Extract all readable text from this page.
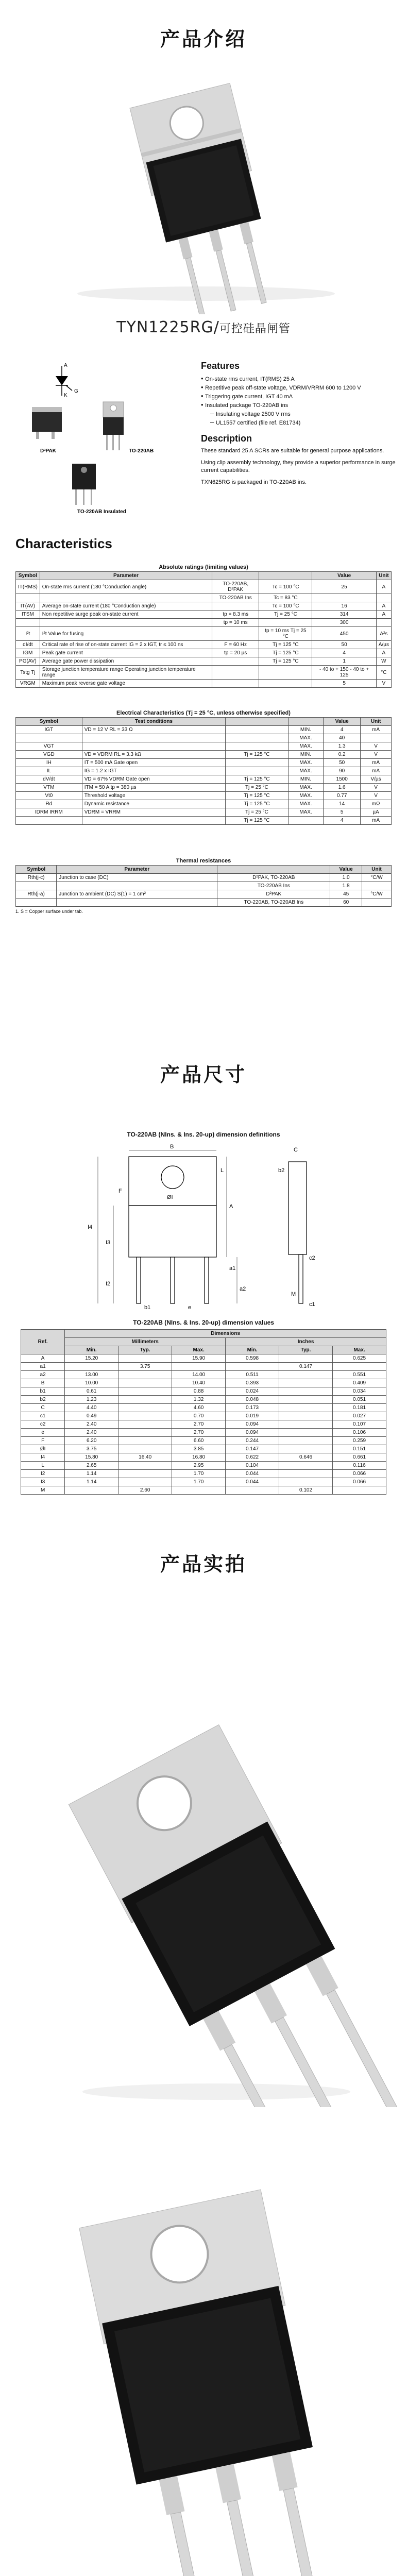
产品介绍
TYN1225RG/可控硅晶闸管
A
G
K
D²PAK	TO-220AB
TO-220AB Insulated
Features
• On-state rms current, IT(RMS) 25 A
• Repetitive peak off-state voltage, VDRM/VRRM 600 to 1200 V
• Triggering gate current, IGT 40 mA
• Insulated package TO-220AB ins
– Insulating voltage 2500 V rms
– UL1557 certified (file ref. E81734)
Description

These standard 25 A SCRs are suitable for general purpose applications.

Using clip assembly technology, they provide a superior performance in surge current capabilities.

TXN625RG is packaged in TO-220AB ins.

Characteristics
Absolute ratings (limiting values)
Symbol	Parameter			Value	Unit
IT(RMS)	On-state rms current (180 °Conduction angle)	TO-220AB, D²PAK	Tc = 100 °C	25	A
		TO-220AB Ins	Tc = 83 °C		
IT(AV)	Average on-state current (180 °Conduction angle)		Tc = 100 °C	16	A
ITSM	Non repetitive surge peak on-state current	tp = 8.3 ms	Tj = 25 °C	314	A
		tp = 10 ms		300	
I²t	I²t Value for fusing		tp = 10 ms Tj = 25 °C	450	A²s
dI/dt	Critical rate of rise of on-state current IG = 2 x IGT, tr ≤ 100 ns	F = 60 Hz	Tj = 125 °C	50	A/µs
IGM	Peak gate current	tp = 20 µs	Tj = 125 °C	4	A
PG(AV)	Average gate power dissipation		Tj = 125 °C	1	W
Tstg Tj	Storage junction temperature range Operating junction temperature range			- 40 to + 150 - 40 to + 125	°C
VRGM	Maximum peak reverse gate voltage			5	V
Electrical Characteristics (Tj = 25 °C, unless otherwise specified)
Symbol	Test conditions			Value	Unit
IGT	VD = 12 V RL = 33 Ω		MIN.	4	mA
			MAX.	40	
VGT			MAX.	1.3	V
VGD	VD = VDRM RL = 3.3 kΩ	Tj = 125 °C	MIN.	0.2	V
IH	IT = 500 mA Gate open		MAX.	50	mA
IL	IG = 1.2 x IGT		MAX.	90	mA
dV/dt	VD = 67% VDRM Gate open	Tj = 125 °C	MIN.	1500	V/µs
VTM	ITM = 50 A tp = 380 µs	Tj = 25 °C	MAX.	1.6	V
Vt0	Threshold voltage	Tj = 125 °C	MAX.	0.77	V
Rd	Dynamic resistance	Tj = 125 °C	MAX.	14	mΩ
IDRM IRRM	VDRM = VRRM	Tj = 25 °C	MAX.	5	µA
		Tj = 125 °C		4	mA
Thermal resistances
Symbol	Parameter		Value	Unit
Rth(j-c)	Junction to case (DC)	D²PAK, TO-220AB	1.0	°C/W
		TO-220AB Ins	1.8	
Rth(j-a)	Junction to ambient (DC) S(1) = 1 cm²	D²PAK	45	°C/W
		TO-220AB, TO-220AB Ins	60	
1. S = Copper surface under tab.
产品尺寸
TO-220AB (NIns. & Ins. 20-up) dimension definitions
B
ØI
L
C
b2
A
I4
I3
a1
I2
a2
b1	e
F
c2
M
c1
TO-220AB (NIns. & Ins. 20-up) dimension values
Ref.	Dimensions					
	Millimeters			Inches		
	Min.	Typ.	Max.	Min.	Typ.	Max.
A	15.20		15.90	0.598		0.625
a1		3.75			0.147	
a2	13.00		14.00	0.511		0.551
B	10.00		10.40	0.393		0.409
b1	0.61		0.88	0.024		0.034
b2	1.23		1.32	0.048		0.051
C	4.40		4.60	0.173		0.181
c1	0.49		0.70	0.019		0.027
c2	2.40		2.70	0.094		0.107
e	2.40		2.70	0.094		0.106
F	6.20		6.60	0.244		0.259
ØI	3.75		3.85	0.147		0.151
I4	15.80	16.40	16.80	0.622	0.646	0.661
L	2.65		2.95	0.104		0.116
I2	1.14		1.70	0.044		0.066
I3	1.14		1.70	0.044		0.066
M		2.60			0.102	
产品实拍
